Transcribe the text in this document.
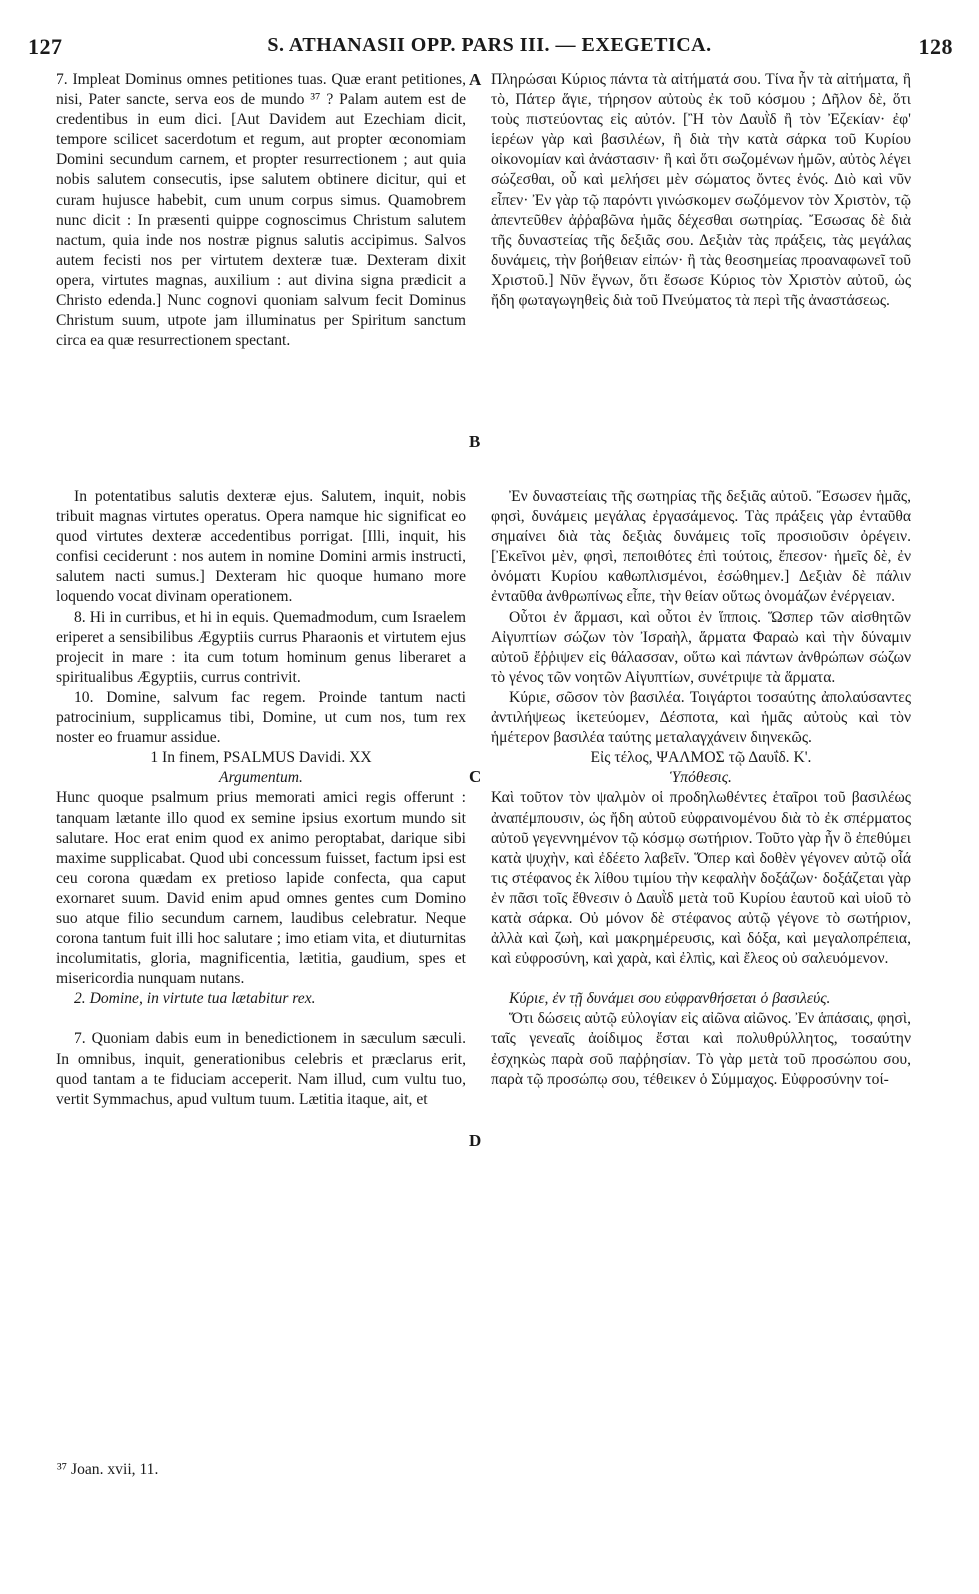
127	S. ATHANASII OPP. PARS III. — EXEGETICA.	128

7. Impleat Dominus omnes petitiones tuas. Quæ erant petitiones, nisi, Pater sancte, serva eos de mundo ³⁷ ? Palam autem est de credentibus in eum dici. [Aut Davidem aut Ezechiam dicit, tempore scilicet sacerdotum et regum, aut propter œconomiam Domini secundum carnem, et propter resurrectionem ; aut quia nobis salutem consecutis, ipse salutem obtinere dicitur, qui et curam hujusce habebit, cum unum corpus simus. Quamobrem nunc dicit : In præsenti quippe cognoscimus Christum salutem nactum, quia inde nos nostræ pignus salutis accipimus. Salvos autem fecisti nos per virtutem dexteræ tuæ. Dexteram dixit opera, virtutes magnas, auxilium : aut divina signa prædicit a Christo edenda.] Nunc cognovi quoniam salvum fecit Dominus Christum suum, utpote jam illuminatus per Spiritum sanctum circa ea quæ resurrectionem spectant.

Πληρώσαι Κύριος πάντα τὰ αἰτήματά σου. Τίνα ἦν τὰ αἰτήματα, ἢ τὸ, Πάτερ ἅγιε, τήρησον αὐτοὺς ἐκ τοῦ κόσμου ; Δῆλον δὲ, ὅτι τοὺς πιστεύοντας εἰς αὐτόν. [Ἢ τὸν Δαυῒδ ἢ τὸν Ἐζεκίαν· ἐφ' ἱερέων γὰρ καὶ βασιλέων, ἢ διὰ τὴν κατὰ σάρκα τοῦ Κυρίου οἰκονομίαν καὶ ἀνάστασιν· ἢ καὶ ὅτι σωζομένων ἡμῶν, αὐτὸς λέγει σώζεσθαι, οὗ καὶ μελήσει μὲν σώματος ὄντες ἑνός. Διὸ καὶ νῦν εἶπεν· Ἐν γὰρ τῷ παρόντι γινώσκομεν σωζόμενον τὸν Χριστὸν, τῷ ἀπεντεῦθεν ἀῤῥαβῶνα ἡμᾶς δέχεσθαι σωτηρίας. Ἔσωσας δὲ διὰ τῆς δυναστείας τῆς δεξιᾶς σου. Δεξιὰν τὰς πράξεις, τὰς μεγάλας δυνάμεις, τὴν βοήθειαν εἰπών· ἢ τὰς θεοσημείας προαναφωνεῖ τοῦ Χριστοῦ.] Νῦν ἔγνων, ὅτι ἔσωσε Κύριος τὸν Χριστὸν αὐτοῦ, ὡς ἤδη φωταγωγηθεὶς διὰ τοῦ Πνεύματος τὰ περὶ τῆς ἀναστάσεως.

In potentatibus salutis dexteræ ejus. Salutem, inquit, nobis tribuit magnas virtutes operatus. Opera namque hic significat eo quod virtutes dexteræ accedentibus porrigat. [Illi, inquit, his confisi ceciderunt : nos autem in nomine Domini armis instructi, salutem nacti sumus.] Dexteram hic quoque humano more loquendo vocat divinam operationem.

8. Hi in curribus, et hi in equis. Quemadmodum, cum Israelem eriperet a sensibilibus Ægyptiis currus Pharaonis et virtutem ejus projecit in mare : ita cum totum hominum genus liberaret a spiritualibus Ægyptiis, currus contrivit.

10. Domine, salvum fac regem. Proinde tantum nacti patrocinium, supplicamus tibi, Domine, ut cum nos, tum rex noster eo fruamur assidue.

1 In finem, PSALMUS Davidi. XX

Argumentum.

Hunc quoque psalmum prius memorati amici regis offerunt : tanquam lætante illo quod ex semine ipsius exortum mundo sit salutare. Hoc erat enim quod ex animo peroptabat, darique sibi maxime supplicabat. Quod ubi concessum fuisset, factum ipsi est ceu corona quædam ex pretioso lapide confecta, qua caput exornaret suum. David enim apud omnes gentes cum Domino suo atque filio secundum carnem, laudibus celebratur. Neque corona tantum fuit illi hoc salutare ; imo etiam vita, et diuturnitas incolumitatis, gloria, magnificentia, lætitia, gaudium, spes et misericordia nunquam nutans.

2. Domine, in virtute tua lætabitur rex.

7. Quoniam dabis eum in benedictionem in sæculum sæculi. In omnibus, inquit, generationibus celebris et præclarus erit, quod tantam a te fiduciam acceperit. Nam illud, cum vultu tuo, vertit Symmachus, apud vultum tuum. Lætitia itaque, ait, et

Ἐν δυναστείαις τῆς σωτηρίας τῆς δεξιᾶς αὐτοῦ. Ἔσωσεν ἡμᾶς, φησὶ, δυνάμεις μεγάλας ἐργασάμενος. Τὰς πράξεις γὰρ ἐνταῦθα σημαίνει διὰ τὰς δεξιὰς δυνάμεις τοῖς προσιοῦσιν ὀρέγειν. [Ἐκεῖνοι μὲν, φησὶ, πεποιθότες ἐπὶ τούτοις, ἔπεσον· ἡμεῖς δὲ, ἐν ὀνόματι Κυρίου καθωπλισμένοι, ἐσώθημεν.] Δεξιὰν δὲ πάλιν ἐνταῦθα ἀνθρωπίνως εἶπε, τὴν θείαν οὕτως ὀνομάζων ἐνέργειαν.

Οὗτοι ἐν ἅρμασι, καὶ οὗτοι ἐν ἵπποις. Ὥσπερ τῶν αἰσθητῶν Αἰγυπτίων σώζων τὸν Ἰσραὴλ, ἅρματα Φαραὼ καὶ τὴν δύναμιν αὐτοῦ ἔῤῥιψεν εἰς θάλασσαν, οὕτω καὶ πάντων ἀνθρώπων σώζων τὸ γένος τῶν νοητῶν Αἰγυπτίων, συνέτριψε τὰ ἅρματα.

Κύριε, σῶσον τὸν βασιλέα. Τοιγάρτοι τοσαύτης ἀπολαύσαντες ἀντιλήψεως ἱκετεύομεν, Δέσποτα, καὶ ἡμᾶς αὐτοὺς καὶ τὸν ἡμέτερον βασιλέα ταύτης μεταλαγχάνειν διηνεκῶς.

Εἰς τέλος, ΨΑΛΜΟΣ τῷ Δαυΐδ. Κ'.

Ὑπόθεσις.

Καὶ τοῦτον τὸν ψαλμὸν οἱ προδηλωθέντες ἑταῖροι τοῦ βασιλέως ἀναπέμπουσιν, ὡς ἤδη αὐτοῦ εὐφραινομένου διὰ τὸ ἐκ σπέρματος αὐτοῦ γεγεννημένον τῷ κόσμῳ σωτήριον. Τοῦτο γὰρ ἦν ὃ ἐπεθύμει κατὰ ψυχὴν, καὶ ἐδέετο λαβεῖν. Ὅπερ καὶ δοθὲν γέγονεν αὐτῷ οἷά τις στέφανος ἐκ λίθου τιμίου τὴν κεφαλὴν δοξάζων· δοξάζεται γὰρ ἐν πᾶσι τοῖς ἔθνεσιν ὁ Δαυῒδ μετὰ τοῦ Κυρίου ἑαυτοῦ καὶ υἱοῦ τὸ κατὰ σάρκα. Οὐ μόνον δὲ στέφανος αὐτῷ γέγονε τὸ σωτήριον, ἀλλὰ καὶ ζωὴ, καὶ μακρημέρευσις, καὶ δόξα, καὶ μεγαλοπρέπεια, καὶ εὐφροσύνη, καὶ χαρὰ, καὶ ἐλπὶς, καὶ ἔλεος οὐ σαλευόμενον.

Κύριε, ἐν τῇ δυνάμει σου εὐφρανθήσεται ὁ βασιλεύς.

Ὅτι δώσεις αὐτῷ εὐλογίαν εἰς αἰῶνα αἰῶνος. Ἐν ἁπάσαις, φησὶ, ταῖς γενεαῖς ἀοίδιμος ἔσται καὶ πολυθρύλλητος, τοσαύτην ἐσχηκὼς παρὰ σοῦ παῤῥησίαν. Τὸ γὰρ μετὰ τοῦ προσώπου σου, παρὰ τῷ προσώπῳ σου, τέθεικεν ὁ Σύμμαχος. Εὐφροσύνην τοί-

A
B
C
D
³⁷ Joan. xvii, 11.
